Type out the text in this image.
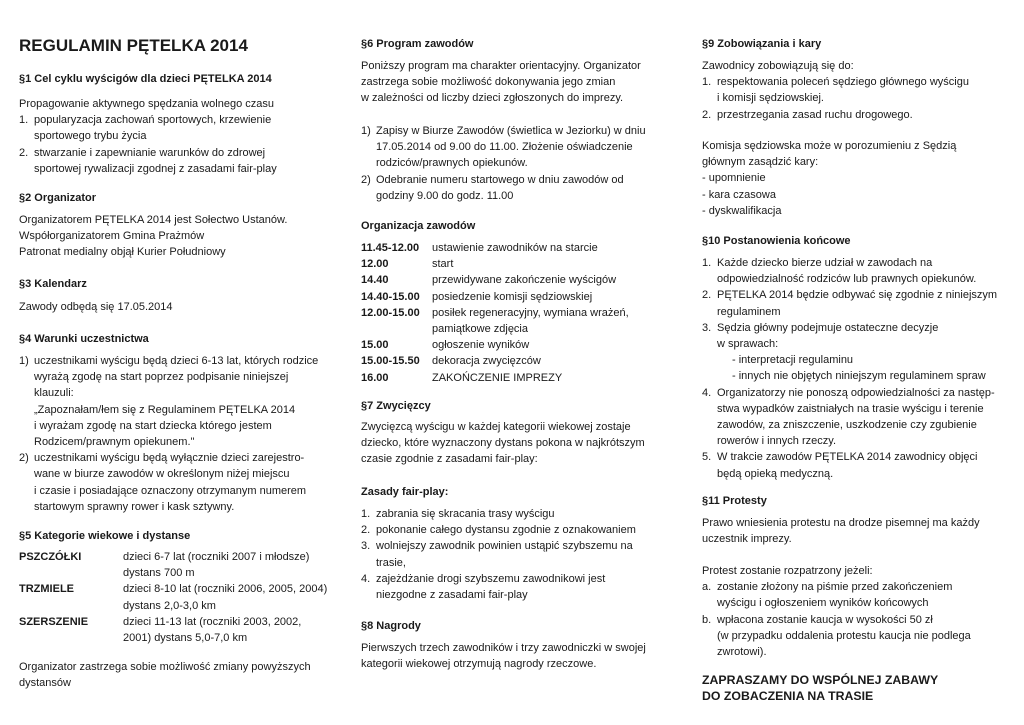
REGULAMIN PĘTELKA 2014
§1 Cel cyklu wyścigów dla dzieci PĘTELKA 2014
Propagowanie aktywnego spędzania wolnego czasu
1. popularyzacja zachowań sportowych, krzewienie
sportowego trybu życia
2. stwarzanie i zapewnianie warunków do zdrowej
sportowej rywalizacji zgodnej z zasadami fair-play
§2 Organizator
Organizatorem PĘTELKA 2014 jest Sołectwo Ustanów.
Współorganizatorem Gmina Prażmów
Patronat medialny objął Kurier Południowy
§3 Kalendarz
Zawody odbędą się 17.05.2014
§4 Warunki uczestnictwa
1) uczestnikami wyścigu będą dzieci 6-13 lat, których rodzice
wyrażą zgodę na start poprzez podpisanie niniejszej
klauzuli:
„Zapoznałam/łem się z Regulaminem PĘTELKA 2014
i wyrażam zgodę na start dziecka którego jestem
Rodzicem/prawnym opiekunem."
2) uczestnikami wyścigu będą wyłącznie dzieci zarejestro-
wane w biurze zawodów w określonym niżej miejscu
i czasie i posiadające oznaczony otrzymanym numerem
startowym sprawny rower i kask sztywny.
§5 Kategorie wiekowe i dystanse
PSZCZÓŁKI	dzieci 6-7 lat (roczniki 2007 i młodsze)
dystans 700 m
TRZMIELE	dzieci 8-10 lat (roczniki 2006, 2005, 2004)
dystans 2,0-3,0 km
SZERSZENIE	dzieci 11-13 lat (roczniki 2003, 2002,
2001) dystans 5,0-7,0 km
Organizator zastrzega sobie możliwość zmiany powyższych
dystansów
§6 Program zawodów
Poniższy program ma charakter orientacyjny. Organizator
zastrzega sobie możliwość dokonywania jego zmian
w zależności od liczby dzieci zgłoszonych do imprezy.
1) Zapisy w Biurze Zawodów (świetlica w Jeziorku) w dniu
17.05.2014 od 9.00 do 11.00. Złożenie oświadczenie
rodziców/prawnych opiekunów.
2) Odebranie numeru startowego w dniu zawodów od
godziny 9.00 do godz. 11.00
Organizacja zawodów
11.45-12.00	ustawienie zawodników na starcie
12.00	start
14.40	przewidywane zakończenie wyścigów
14.40-15.00	posiedzenie komisji sędziowskiej
12.00-15.00	posiłek regeneracyjny, wymiana wrażeń,
pamiątkowe zdjęcia
15.00	ogłoszenie wyników
15.00-15.50	dekoracja zwycięzców
16.00	ZAKOŃCZENIE IMPREZY
§7 Zwycięzcy
Zwycięzcą wyścigu w każdej kategorii wiekowej zostaje
dziecko, które wyznaczony dystans pokona w najkrótszym
czasie zgodnie z zasadami fair-play:
Zasady fair-play:
1. zabrania się skracania trasy wyścigu
2. pokonanie całego dystansu zgodnie z oznakowaniem
3. wolniejszy zawodnik powinien ustąpić szybszemu na
trasie,
4. zajeżdżanie drogi szybszemu zawodnikowi jest
niezgodne z zasadami fair-play
§8 Nagrody
Pierwszych trzech zawodników i trzy zawodniczki w swojej
kategorii wiekowej otrzymują nagrody rzeczowe.
§9 Zobowiązania i kary
Zawodnicy zobowiązują się do:
1. respektowania poleceń sędziego głównego wyścigu
i komisji sędziowskiej.
2. przestrzegania zasad ruchu drogowego.
Komisja sędziowska może w porozumieniu z Sędzią
głównym zasądzić kary:
- upomnienie
- kara czasowa
- dyskwalifikacja
§10 Postanowienia końcowe
1. Każde dziecko bierze udział w zawodach na
odpowiedzialność rodziców lub prawnych opiekunów.
2. PĘTELKA 2014 będzie odbywać się zgodnie z niniejszym
regulaminem
3. Sędzia główny podejmuje ostateczne decyzje
w sprawach:
- interpretacji regulaminu
- innych nie objętych niniejszym regulaminem spraw
4. Organizatorzy nie ponoszą odpowiedzialności za następ-
stwa wypadków zaistniałych na trasie wyścigu i terenie
zawodów, za zniszczenie, uszkodzenie czy zgubienie
rowerów i innych rzeczy.
5. W trakcie zawodów PĘTELKA 2014 zawodnicy objęci
będą opieką medyczną.
§11 Protesty
Prawo wniesienia protestu na drodze pisemnej ma każdy
uczestnik imprezy.
Protest zostanie rozpatrzony jeżeli:
a. zostanie złożony na piśmie przed zakończeniem
wyścigu i ogłoszeniem wyników końcowych
b. wpłacona zostanie kaucja w wysokości 50 zł
(w przypadku oddalenia protestu kaucja nie podlega
zwrotowi).
ZAPRASZAMY DO WSPÓLNEJ ZABAWY
DO ZOBACZENIA NA TRASIE
